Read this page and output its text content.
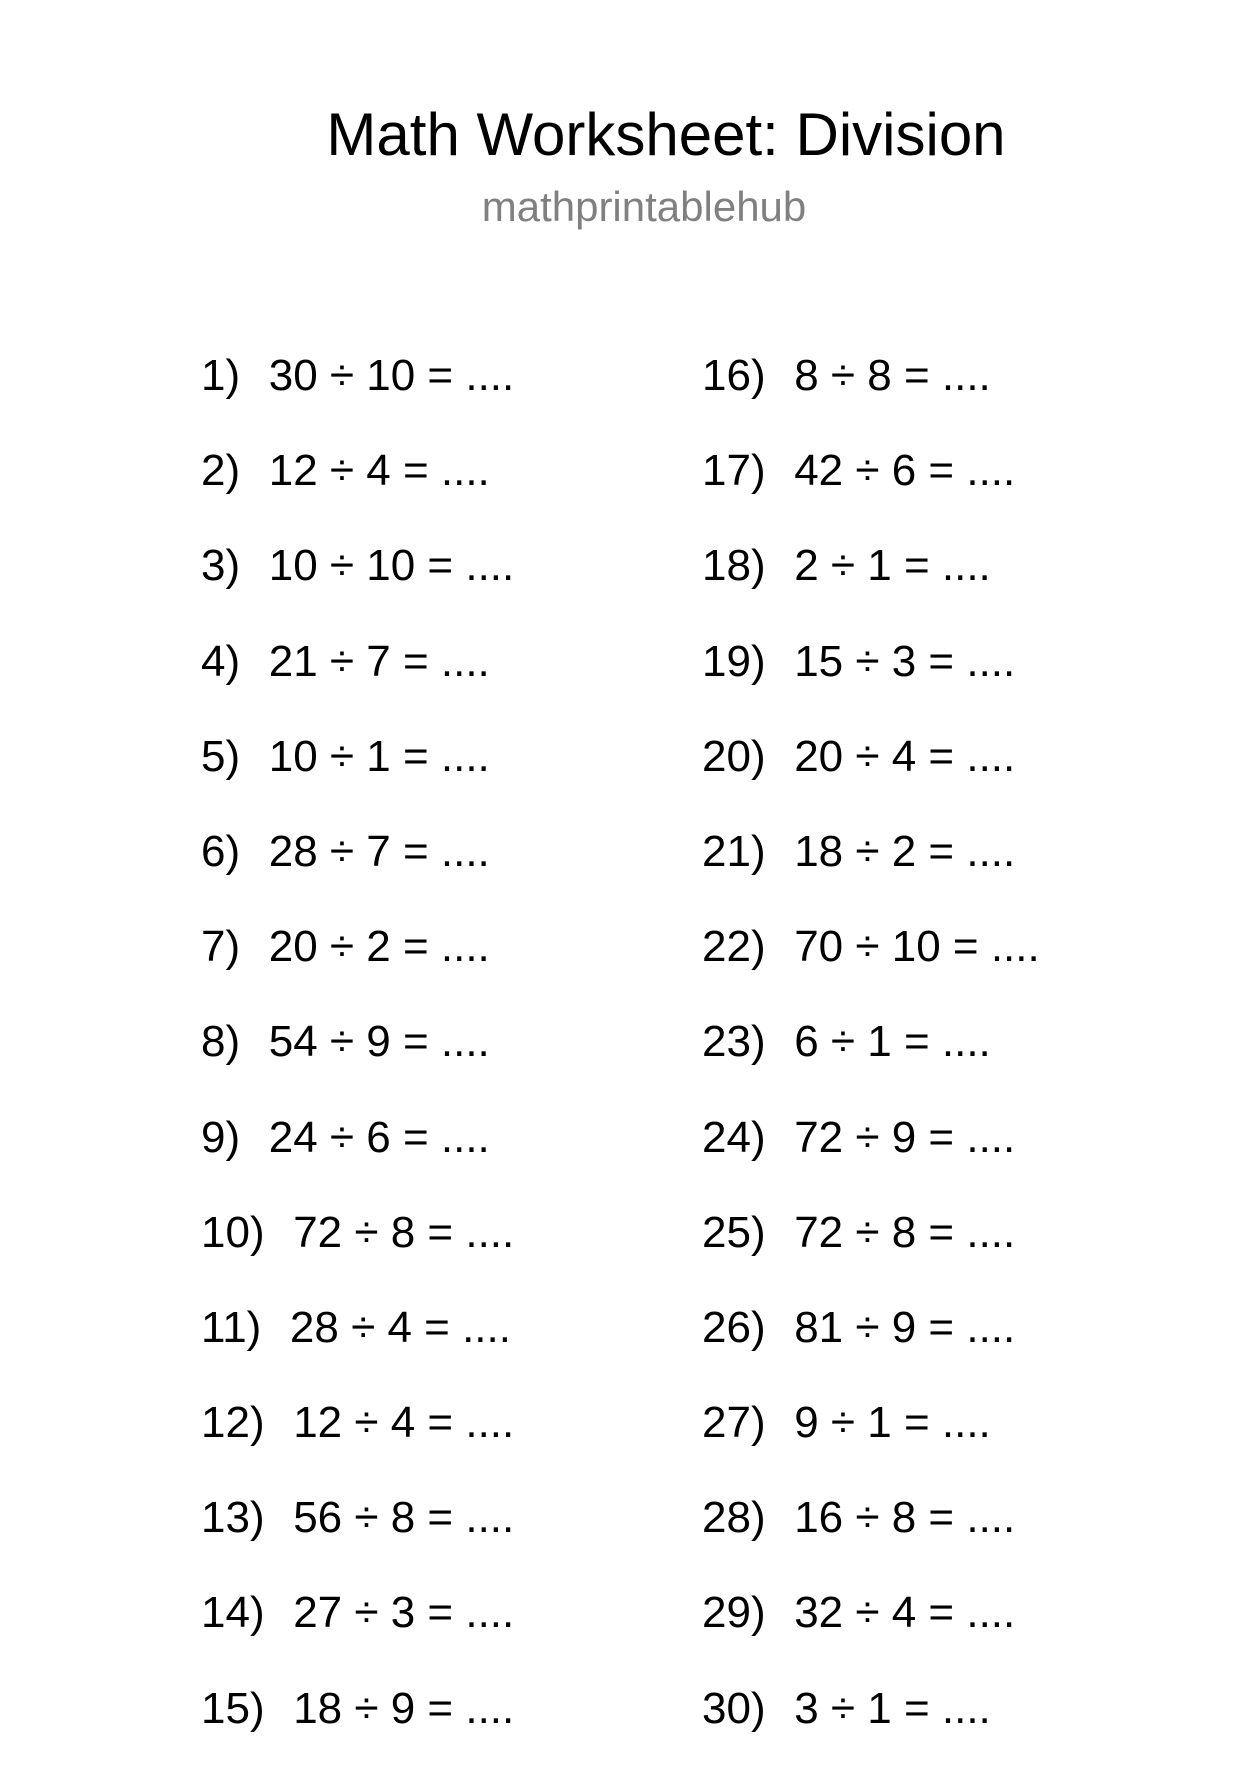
Math Worksheet: Division
mathprintablehub
1) 30 ÷ 10 = ....
2) 12 ÷ 4 = ....
3) 10 ÷ 10 = ....
4) 21 ÷ 7 = ....
5) 10 ÷ 1 = ....
6) 28 ÷ 7 = ....
7) 20 ÷ 2 = ....
8) 54 ÷ 9 = ....
9) 24 ÷ 6 = ....
10) 72 ÷ 8 = ....
11) 28 ÷ 4 = ....
12) 12 ÷ 4 = ....
13) 56 ÷ 8 = ....
14) 27 ÷ 3 = ....
15) 18 ÷ 9 = ....
16) 8 ÷ 8 = ....
17) 42 ÷ 6 = ....
18) 2 ÷ 1 = ....
19) 15 ÷ 3 = ....
20) 20 ÷ 4 = ....
21) 18 ÷ 2 = ....
22) 70 ÷ 10 = ....
23) 6 ÷ 1 = ....
24) 72 ÷ 9 = ....
25) 72 ÷ 8 = ....
26) 81 ÷ 9 = ....
27) 9 ÷ 1 = ....
28) 16 ÷ 8 = ....
29) 32 ÷ 4 = ....
30) 3 ÷ 1 = ....
